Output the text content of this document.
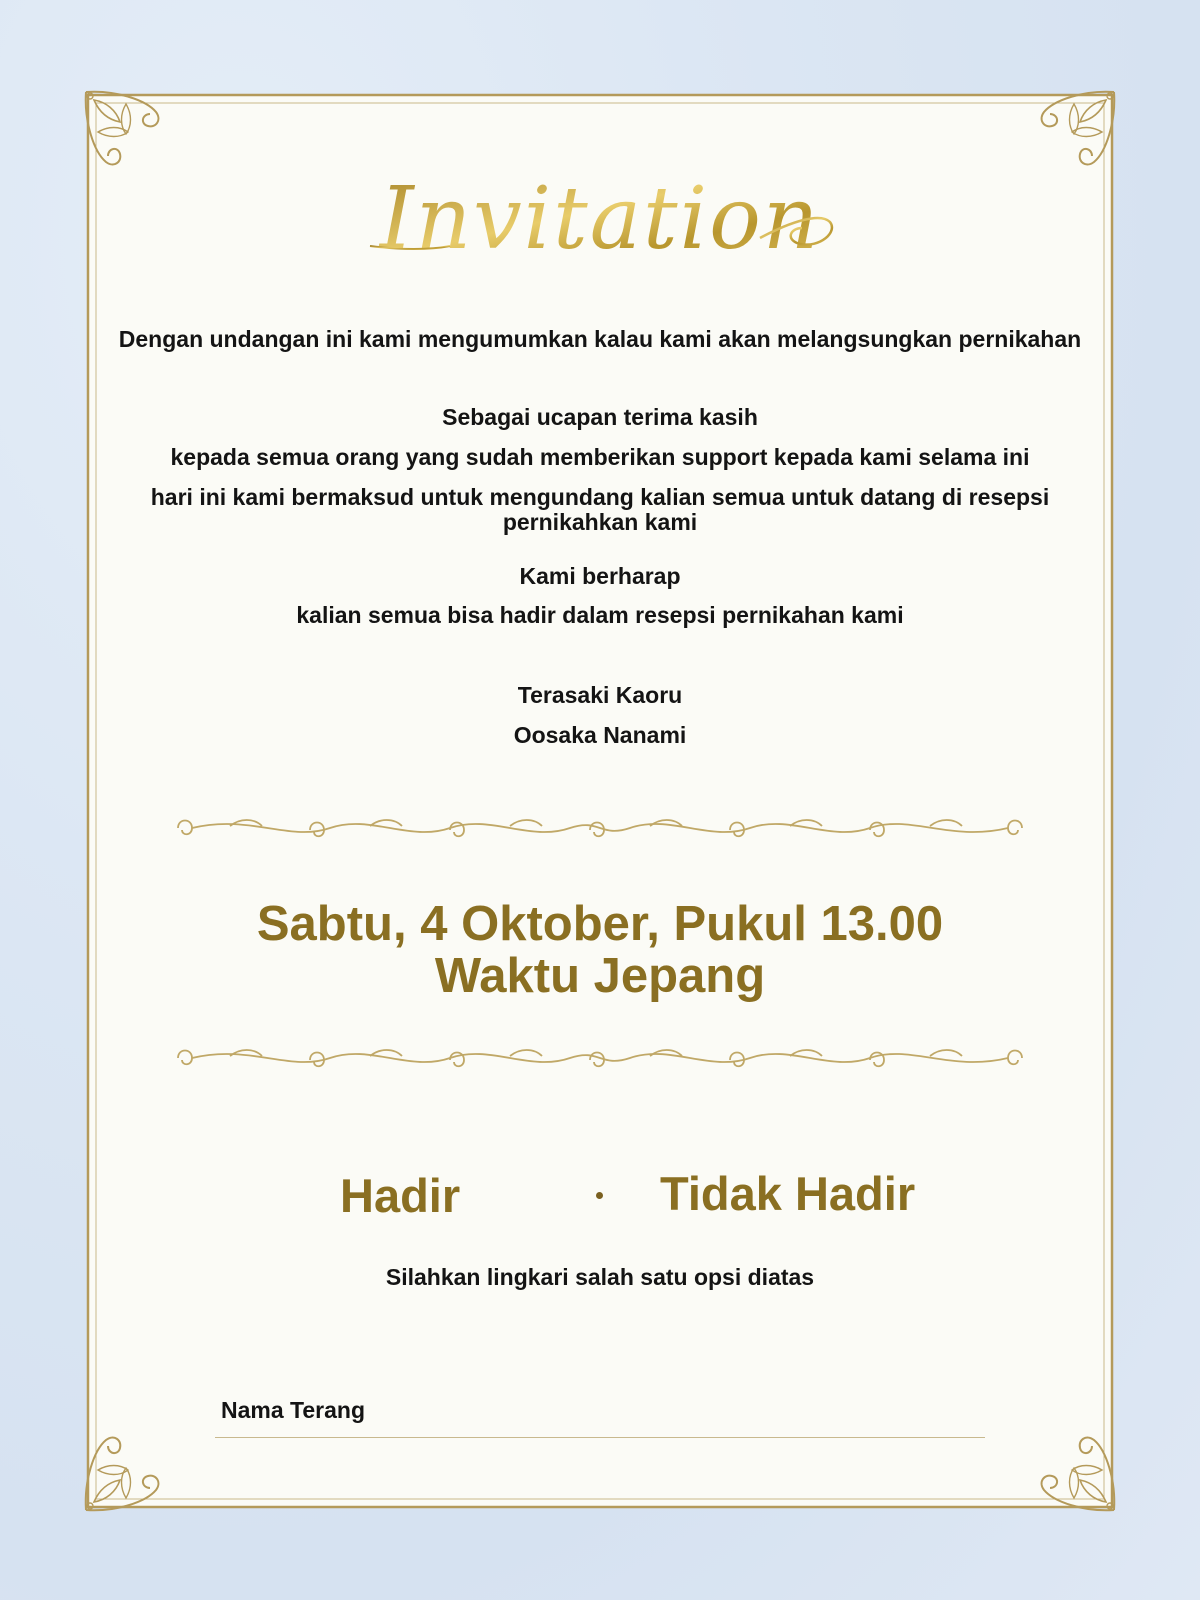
Invitation
Dengan undangan ini kami mengumumkan kalau kami akan melangsungkan pernikahan
Sebagai ucapan terima kasih
kepada semua orang yang sudah memberikan support kepada kami selama ini
hari ini kami bermaksud untuk mengundang kalian semua untuk datang di resepsi
pernikahkan kami
Kami berharap
kalian semua bisa hadir dalam resepsi pernikahan kami
Terasaki Kaoru
Oosaka Nanami
Sabtu, 4 Oktober, Pukul 13.00
Waktu Jepang
Hadir	Tidak Hadir
Silahkan lingkari salah satu opsi diatas
Nama Terang
